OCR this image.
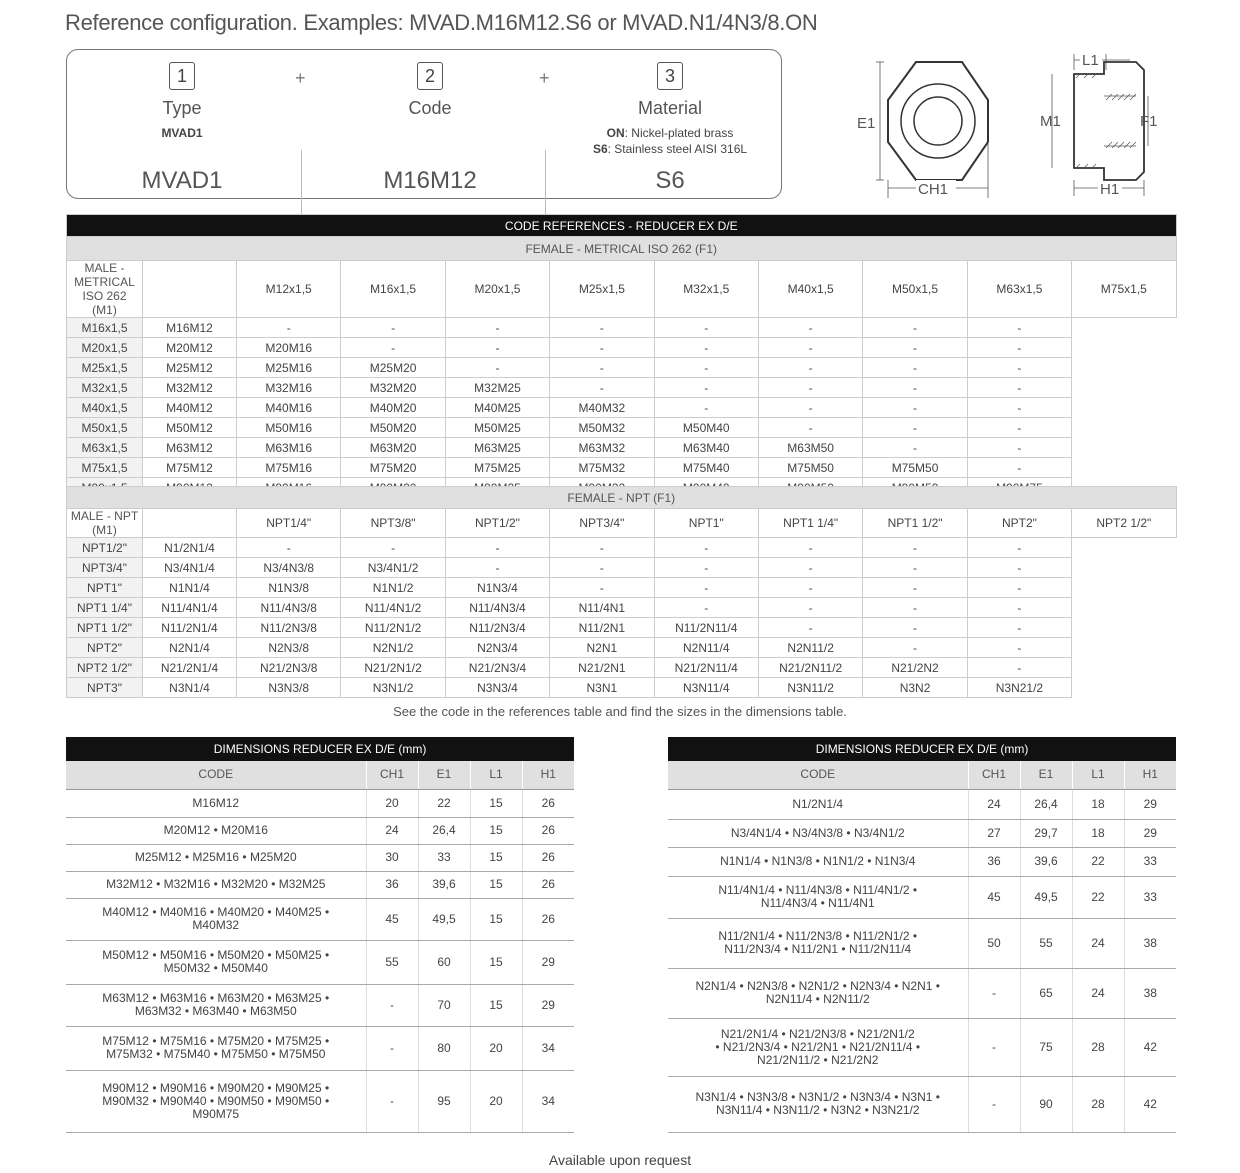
Reference configuration. Examples: MVAD.M16M12.S6 or MVAD.N1/4N3/8.ON
1
Type
MVAD1
MVAD1
+	2
Code
M16M12
+	3
Material
ON: Nickel-plated brass
S6: Stainless steel AISI 316L
S6
E1
CH1
L1
M1	F1
H1
CODE REFERENCES - REDUCER EX D/E										
FEMALE - METRICAL ISO 262 (F1)										
MALE - METRICAL ISO 262 (M1)		M12x1,5	M16x1,5	M20x1,5	M25x1,5	M32x1,5	M40x1,5	M50x1,5	M63x1,5	M75x1,5
M16x1,5	M16M12	-	-	-	-	-	-	-	-	
M20x1,5	M20M12	M20M16	-	-	-	-	-	-	-	
M25x1,5	M25M12	M25M16	M25M20	-	-	-	-	-	-	
M32x1,5	M32M12	M32M16	M32M20	M32M25	-	-	-	-	-	
M40x1,5	M40M12	M40M16	M40M20	M40M25	M40M32	-	-	-	-	
M50x1,5	M50M12	M50M16	M50M20	M50M25	M50M32	M50M40	-	-	-	
M63x1,5	M63M12	M63M16	M63M20	M63M25	M63M32	M63M40	M63M50	-	-	
M75x1,5	M75M12	M75M16	M75M20	M75M25	M75M32	M75M40	M75M50	M75M50	-	

FEMALE - NPT (F1)										
MALE - NPT (M1)		NPT1/4"	NPT3/8"	NPT1/2"	NPT3/4"	NPT1"	NPT1 1/4"	NPT1 1/2"	NPT2"	NPT2 1/2"
NPT1/2"	N1/2N1/4	-	-	-	-	-	-	-	-	
NPT3/4"	N3/4N1/4	N3/4N3/8	N3/4N1/2	-	-	-	-	-	-	
NPT1"	N1N1/4	N1N3/8	N1N1/2	N1N3/4	-	-	-	-	-	
NPT1 1/4"	N11/4N1/4	N11/4N3/8	N11/4N1/2	N11/4N3/4	N11/4N1	-	-	-	-	
NPT1 1/2"	N11/2N1/4	N11/2N3/8	N11/2N1/2	N11/2N3/4	N11/2N1	N11/2N11/4	-	-	-	
NPT2"	N2N1/4	N2N3/8	N2N1/2	N2N3/4	N2N1	N2N11/4	N2N11/2	-	-	
NPT2 1/2"	N21/2N1/4	N21/2N3/8	N21/2N1/2	N21/2N3/4	N21/2N1	N21/2N11/4	N21/2N11/2	N21/2N2	-	
NPT3"	N3N1/4	N3N3/8	N3N1/2	N3N3/4	N3N1	N3N11/4	N3N11/2	N3N2	N3N21/2	
See the code in the references table and find the sizes in the dimensions table.
DIMENSIONS REDUCER EX D/E (mm)				
CODE	CH1	E1	L1	H1

M16M12	20	22	15	26

M20M12 • M20M16	24	26,4	15	26

M25M12 • M25M16 • M25M20	30	33	15	26

M32M12 • M32M16 • M32M20 • M32M25	36	39,6	15	26

M40M12 • M40M16 • M40M20 • M40M25 •
M40M32	45	49,5	15	26

M50M12 • M50M16 • M50M20 • M50M25 •
M50M32 • M50M40	55	60	15	29

M63M12 • M63M16 • M63M20 • M63M25 •
M63M32 • M63M40 • M63M50	-	70	15	29

M75M12 • M75M16 • M75M20 • M75M25 •
M75M32 • M75M40 • M75M50 • M75M50	-	80	20	34

M90M12 • M90M16 • M90M20 • M90M25 •
M90M32 • M90M40 • M90M50 • M90M50 •
M90M75	-	95	20	34
DIMENSIONS REDUCER EX D/E (mm)				
CODE	CH1	E1	L1	H1

N1/2N1/4	24	26,4	18	29

N3/4N1/4 • N3/4N3/8 • N3/4N1/2	27	29,7	18	29

N1N1/4 • N1N3/8 • N1N1/2 • N1N3/4	36	39,6	22	33

N11/4N1/4 • N11/4N3/8 • N11/4N1/2 •
N11/4N3/4 • N11/4N1	45	49,5	22	33

N11/2N1/4 • N11/2N3/8 • N11/2N1/2 •
N11/2N3/4 • N11/2N1 • N11/2N11/4	50	55	24	38

N2N1/4 • N2N3/8 • N2N1/2 • N2N3/4 • N2N1 •
N2N11/4 • N2N11/2	-	65	24	38

N21/2N1/4 • N21/2N3/8 • N21/2N1/2
• N21/2N3/4 • N21/2N1 • N21/2N11/4 •
N21/2N11/2 • N21/2N2	-	75	28	42

N3N1/4 • N3N3/8 • N3N1/2 • N3N3/4 • N3N1 •
N3N11/4 • N3N11/2 • N3N2 • N3N21/2	-	90	28	42
Available upon request
